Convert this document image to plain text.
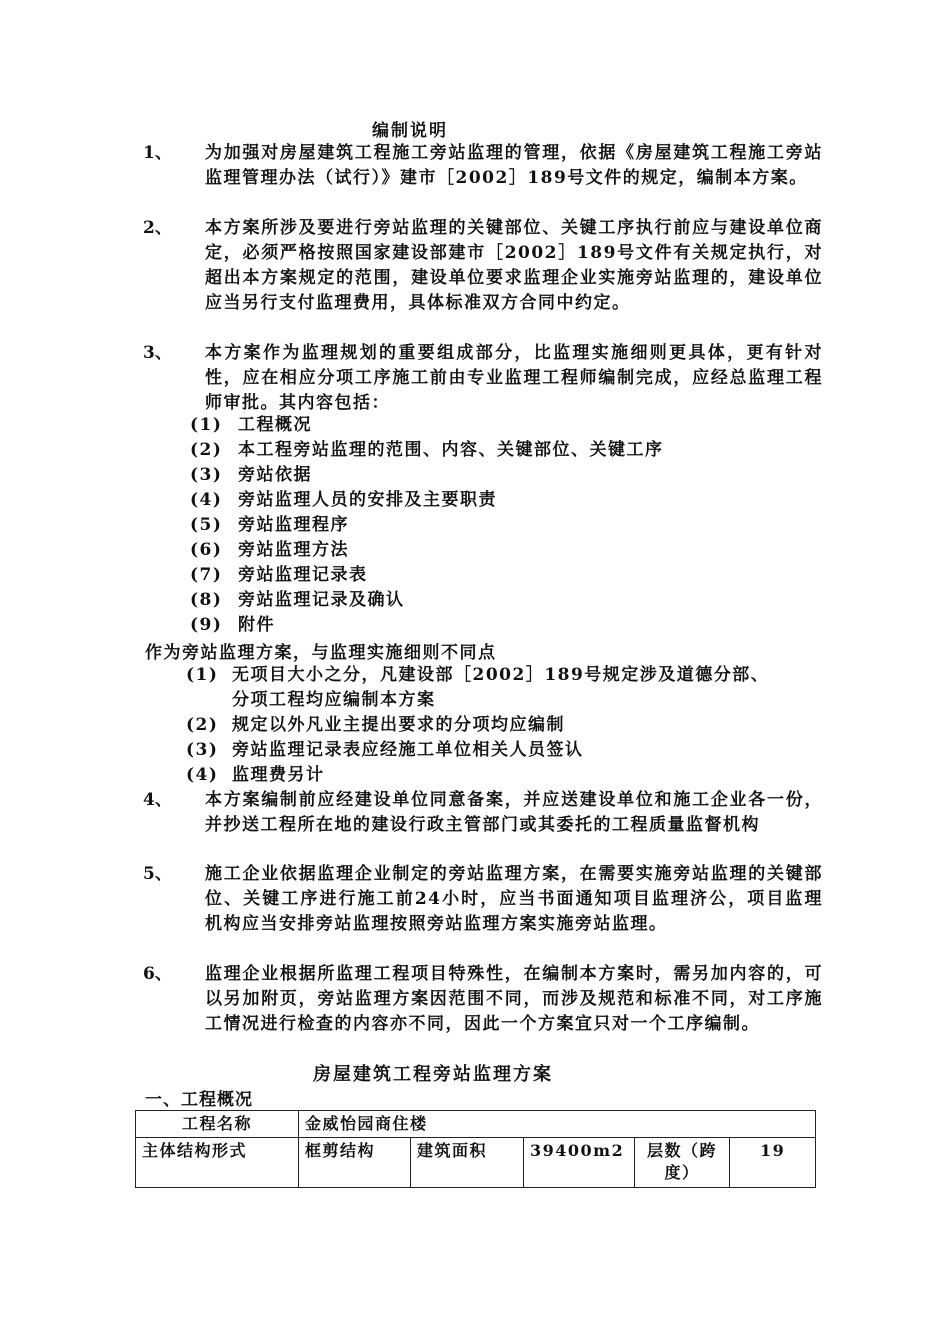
编制说明
1、	为加强对房屋建筑工程施工旁站监理的管理，依据《房屋建筑工程施工旁站监理管理办法（试行）》建市［2002］189号文件的规定，编制本方案。
2、	本方案所涉及要进行旁站监理的关键部位、关键工序执行前应与建设单位商定，必须严格按照国家建设部建市［2002］189号文件有关规定执行，对超出本方案规定的范围，建设单位要求监理企业实施旁站监理的，建设单位应当另行支付监理费用，具体标准双方合同中约定。
3、	本方案作为监理规划的重要组成部分，比监理实施细则更具体，更有针对性，应在相应分项工序施工前由专业监理工程师编制完成，应经总监理工程师审批。其内容包括：
(1) 工程概况
(2) 本工程旁站监理的范围、内容、关键部位、关键工序
(3) 旁站依据
(4) 旁站监理人员的安排及主要职责
(5) 旁站监理程序
(6) 旁站监理方法
(7) 旁站监理记录表
(8) 旁站监理记录及确认
(9) 附件
作为旁站监理方案，与监理实施细则不同点
(1) 无项目大小之分，凡建设部［2002］189号规定涉及道德分部、
分项工程均应编制本方案
(2) 规定以外凡业主提出要求的分项均应编制
(3) 旁站监理记录表应经施工单位相关人员签认
(4) 监理费另计
4、	本方案编制前应经建设单位同意备案，并应送建设单位和施工企业各一份，并抄送工程所在地的建设行政主管部门或其委托的工程质量监督机构
5、	施工企业依据监理企业制定的旁站监理方案，在需要实施旁站监理的关键部位、关键工序进行施工前24小时，应当书面通知项目监理济公，项目监理机构应当安排旁站监理按照旁站监理方案实施旁站监理。
6、	监理企业根据所监理工程项目特殊性，在编制本方案时，需另加内容的，可以另加附页，旁站监理方案因范围不同，而涉及规范和标准不同，对工序施工情况进行检查的内容亦不同，因此一个方案宜只对一个工序编制。
房屋建筑工程旁站监理方案
一、工程概况
工程名称	金威怡园商住楼				
主体结构形式	框剪结构	建筑面积	39400m2	层数（跨度）	19
